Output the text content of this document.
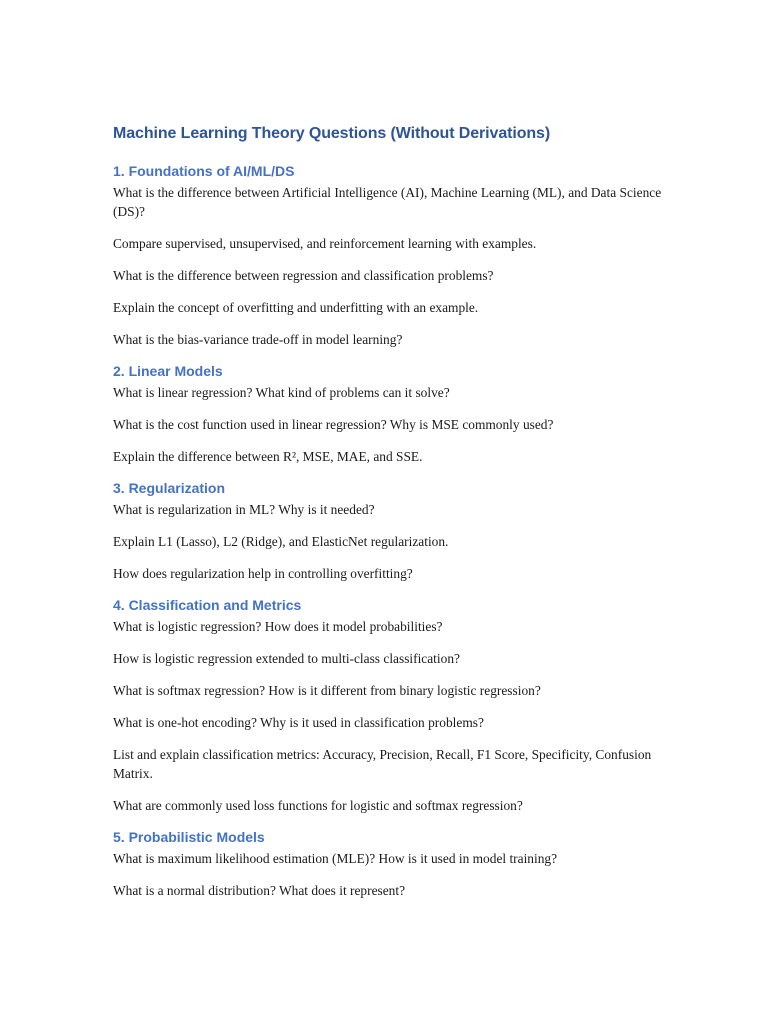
Machine Learning Theory Questions (Without Derivations)
1. Foundations of AI/ML/DS

What is the difference between Artificial Intelligence (AI), Machine Learning (ML), and Data Science (DS)?

Compare supervised, unsupervised, and reinforcement learning with examples.

What is the difference between regression and classification problems?

Explain the concept of overfitting and underfitting with an example.

What is the bias-variance trade-off in model learning?

2. Linear Models

What is linear regression? What kind of problems can it solve?

What is the cost function used in linear regression? Why is MSE commonly used?

Explain the difference between R², MSE, MAE, and SSE.

3. Regularization

What is regularization in ML? Why is it needed?

Explain L1 (Lasso), L2 (Ridge), and ElasticNet regularization.

How does regularization help in controlling overfitting?

4. Classification and Metrics

What is logistic regression? How does it model probabilities?

How is logistic regression extended to multi-class classification?

What is softmax regression? How is it different from binary logistic regression?

What is one-hot encoding? Why is it used in classification problems?

List and explain classification metrics: Accuracy, Precision, Recall, F1 Score, Specificity, Confusion Matrix.

What are commonly used loss functions for logistic and softmax regression?

5. Probabilistic Models

What is maximum likelihood estimation (MLE)? How is it used in model training?

What is a normal distribution? What does it represent?
